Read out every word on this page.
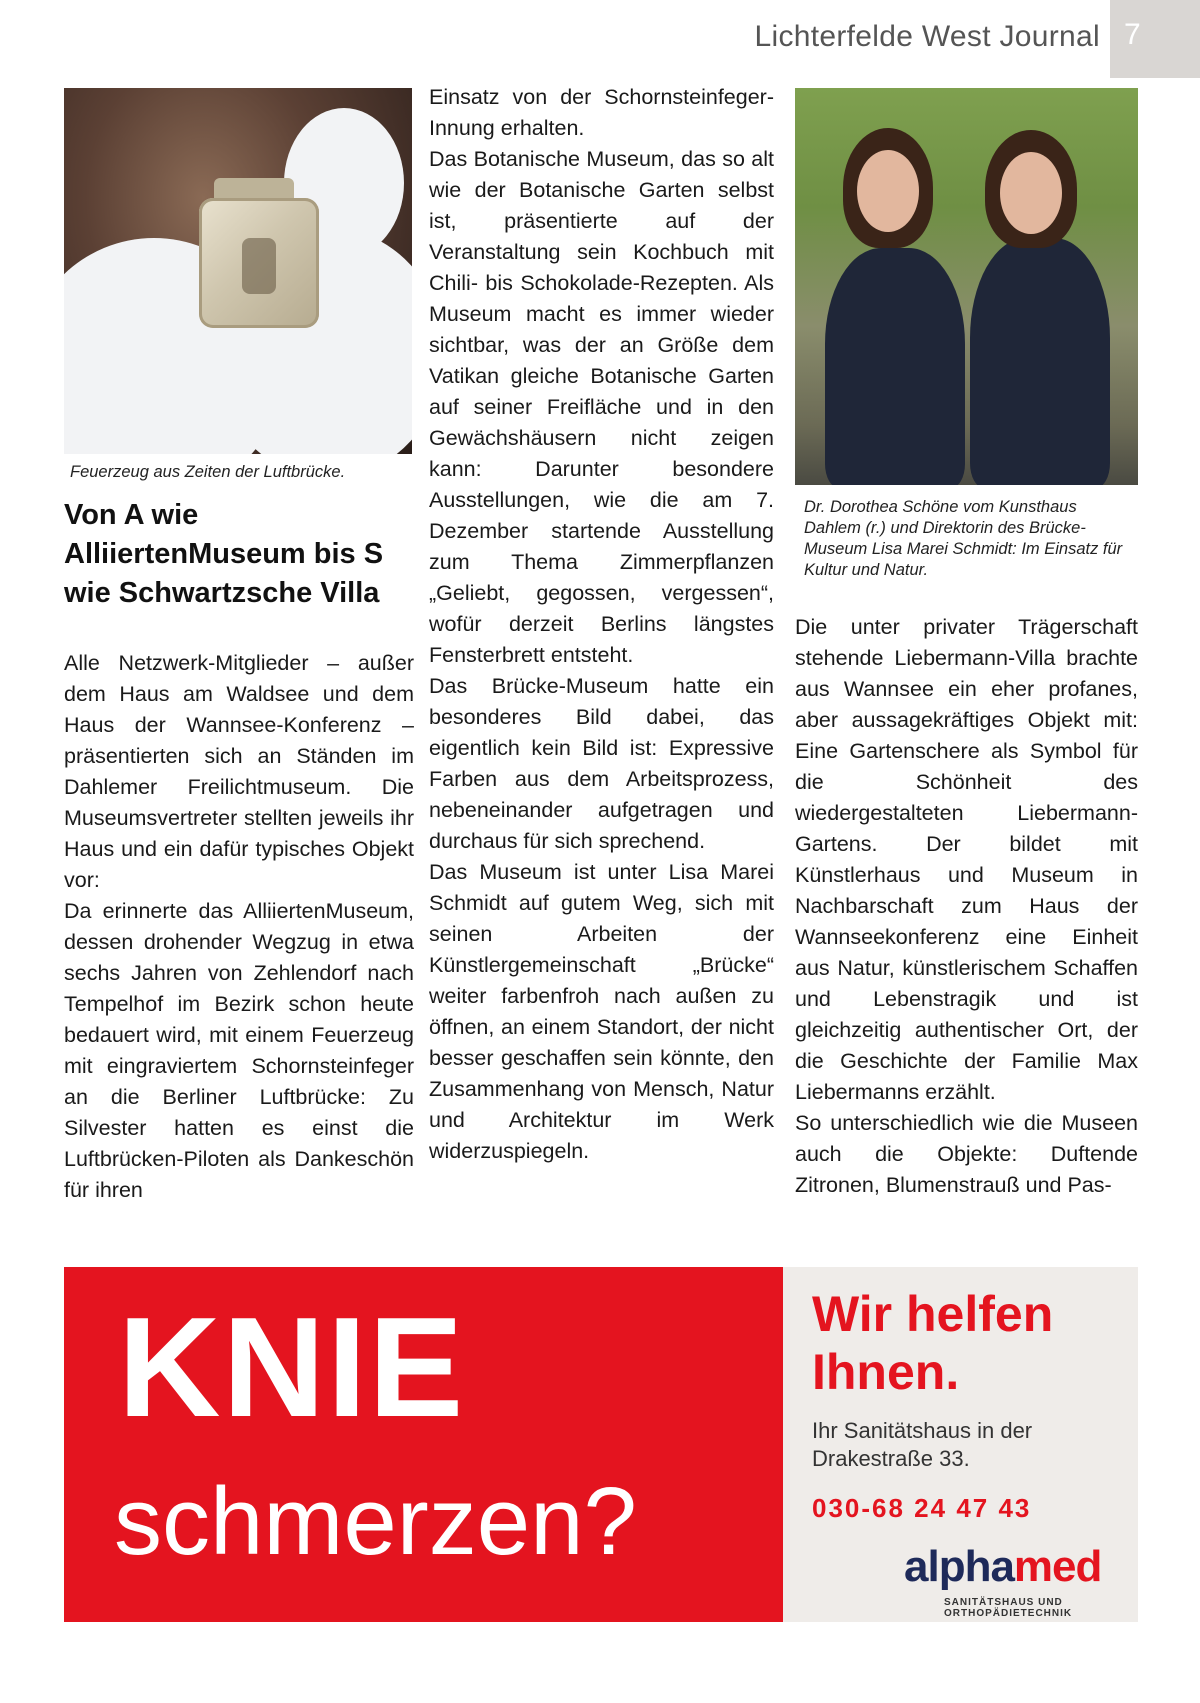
Lichterfelde West Journal 7
Feuerzeug aus Zeiten der Luftbrücke.
Von A wie AlliiertenMuseum bis S wie Schwartzsche Villa
Alle Netzwerk-Mitglieder – außer dem Haus am Waldsee und dem Haus der Wannsee-Konferenz – präsentierten sich an Ständen im Dahlemer Freilichtmuseum. Die Museumsvertreter stellten jeweils ihr Haus und ein dafür typisches Objekt vor:
Da erinnerte das AlliiertenMuseum, dessen drohender Wegzug in etwa sechs Jahren von Zehlendorf nach Tempelhof im Bezirk schon heute bedauert wird, mit einem Feuerzeug mit eingraviertem Schornsteinfeger an die Berliner Luftbrücke: Zu Silvester hatten es einst die Luftbrücken-Piloten als Dankeschön für ihren
Einsatz von der Schornsteinfeger-Innung erhalten.
Das Botanische Museum, das so alt wie der Botanische Garten selbst ist, präsentierte auf der Veranstaltung sein Kochbuch mit Chili- bis Schokolade-Rezepten. Als Museum macht es immer wieder sichtbar, was der an Größe dem Vatikan gleiche Botanische Garten auf seiner Freifläche und in den Gewächshäusern nicht zeigen kann: Darunter besondere Ausstellungen, wie die am 7. Dezember startende Ausstellung zum Thema Zimmerpflanzen „Geliebt, gegossen, vergessen“, wofür derzeit Berlins längstes Fensterbrett entsteht.
Das Brücke-Museum hatte ein besonderes Bild dabei, das eigentlich kein Bild ist: Expressive Farben aus dem Arbeitsprozess, nebeneinander aufgetragen und durchaus für sich sprechend.
Das Museum ist unter Lisa Marei Schmidt auf gutem Weg, sich mit seinen Arbeiten der Künstlergemeinschaft „Brücke“ weiter farbenfroh nach außen zu öffnen, an einem Standort, der nicht besser geschaffen sein könnte, den Zusammenhang von Mensch, Natur und Architektur im Werk widerzuspiegeln.
Dr. Dorothea Schöne vom Kunsthaus Dahlem (r.) und Direktorin des Brücke-Museum Lisa Marei Schmidt: Im Einsatz für Kultur und Natur.
Die unter privater Trägerschaft stehende Liebermann-Villa brachte aus Wannsee ein eher profanes, aber aussagekräftiges Objekt mit: Eine Gartenschere als Symbol für die Schönheit des wiedergestalteten Liebermann-Gartens. Der bildet mit Künstlerhaus und Museum in Nachbarschaft zum Haus der Wannseekonferenz eine Einheit aus Natur, künstlerischem Schaffen und Lebenstragik und ist gleichzeitig authentischer Ort, der die Geschichte der Familie Max Liebermanns erzählt.
So unterschiedlich wie die Museen auch die Objekte: Duftende Zitronen, Blumenstrauß und Pas-
KNIE
schmerzen?
Wir helfen Ihnen.
Ihr Sanitätshaus in der Drakestraße 33.
030-68 24 47 43
alphamed
SANITÄTSHAUS UND ORTHOPÄDIETECHNIK
